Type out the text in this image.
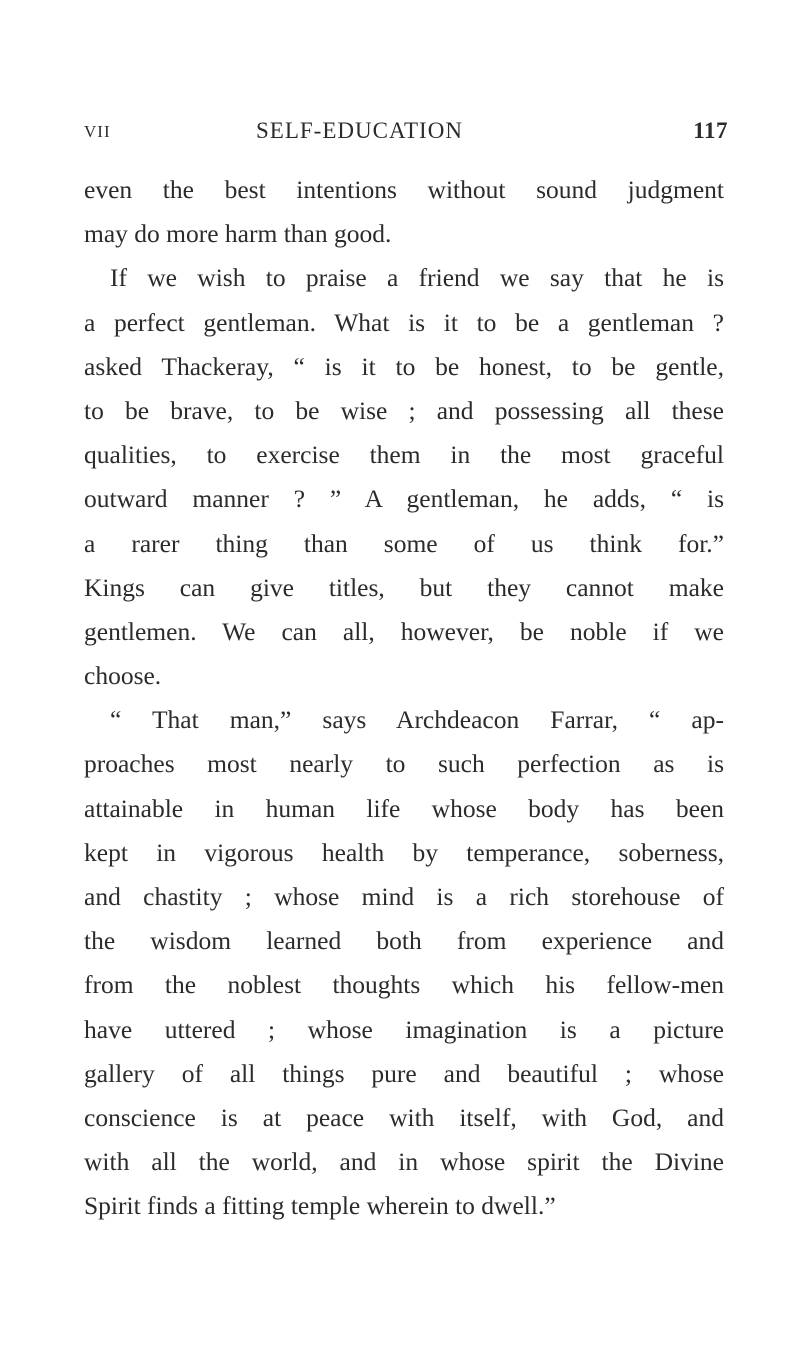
VII	SELF-EDUCATION	117
even the best intentions without sound judgment
may do more harm than good.
If we wish to praise a friend we say that he is
a perfect gentleman. What is it to be a gentleman ?
asked Thackeray, “ is it to be honest, to be gentle,
to be brave, to be wise ; and possessing all these
qualities, to exercise them in the most graceful
outward manner ? ” A gentleman, he adds, “ is
a rarer thing than some of us think for.”
Kings can give titles, but they cannot make
gentlemen. We can all, however, be noble if we
choose.
“ That man,” says Archdeacon Farrar, “ ap-
proaches most nearly to such perfection as is
attainable in human life whose body has been
kept in vigorous health by temperance, soberness,
and chastity ; whose mind is a rich storehouse of
the wisdom learned both from experience and
from the noblest thoughts which his fellow-men
have uttered ; whose imagination is a picture
gallery of all things pure and beautiful ; whose
conscience is at peace with itself, with God, and
with all the world, and in whose spirit the Divine
Spirit finds a fitting temple wherein to dwell.”
